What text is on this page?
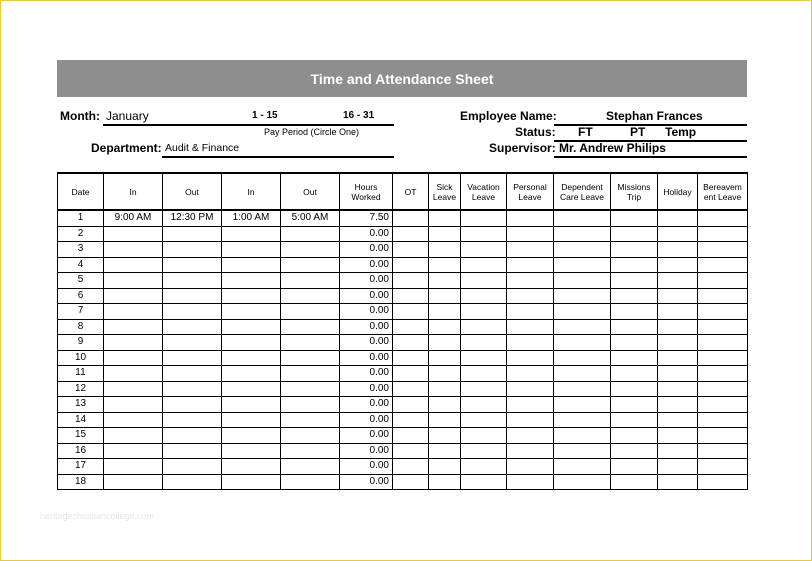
Time and Attendance Sheet
Month: January	1 - 15	16 - 31
Pay Period (Circle One)
Department: Audit & Finance
Employee Name:	Stephan Frances
Status: FT	PT Temp
Supervisor: Mr. Andrew Philips
Date	In	Out	In	Out	Hours Worked	OT	Sick Leave	Vacation Leave	Personal Leave	Dependent Care Leave	Missions Trip	Holiday	Bereavem ent Leave
1	9:00 AM	12:30 PM	1:00 AM	5:00 AM	7.50								
2					0.00								
3					0.00								
4					0.00								
5					0.00								
6					0.00								
7					0.00								
8					0.00								
9					0.00								
10					0.00								
11					0.00								
12					0.00								
13					0.00								
14					0.00								
15					0.00								
16					0.00								
17					0.00								
18					0.00								
heritagechristiancollege.com
